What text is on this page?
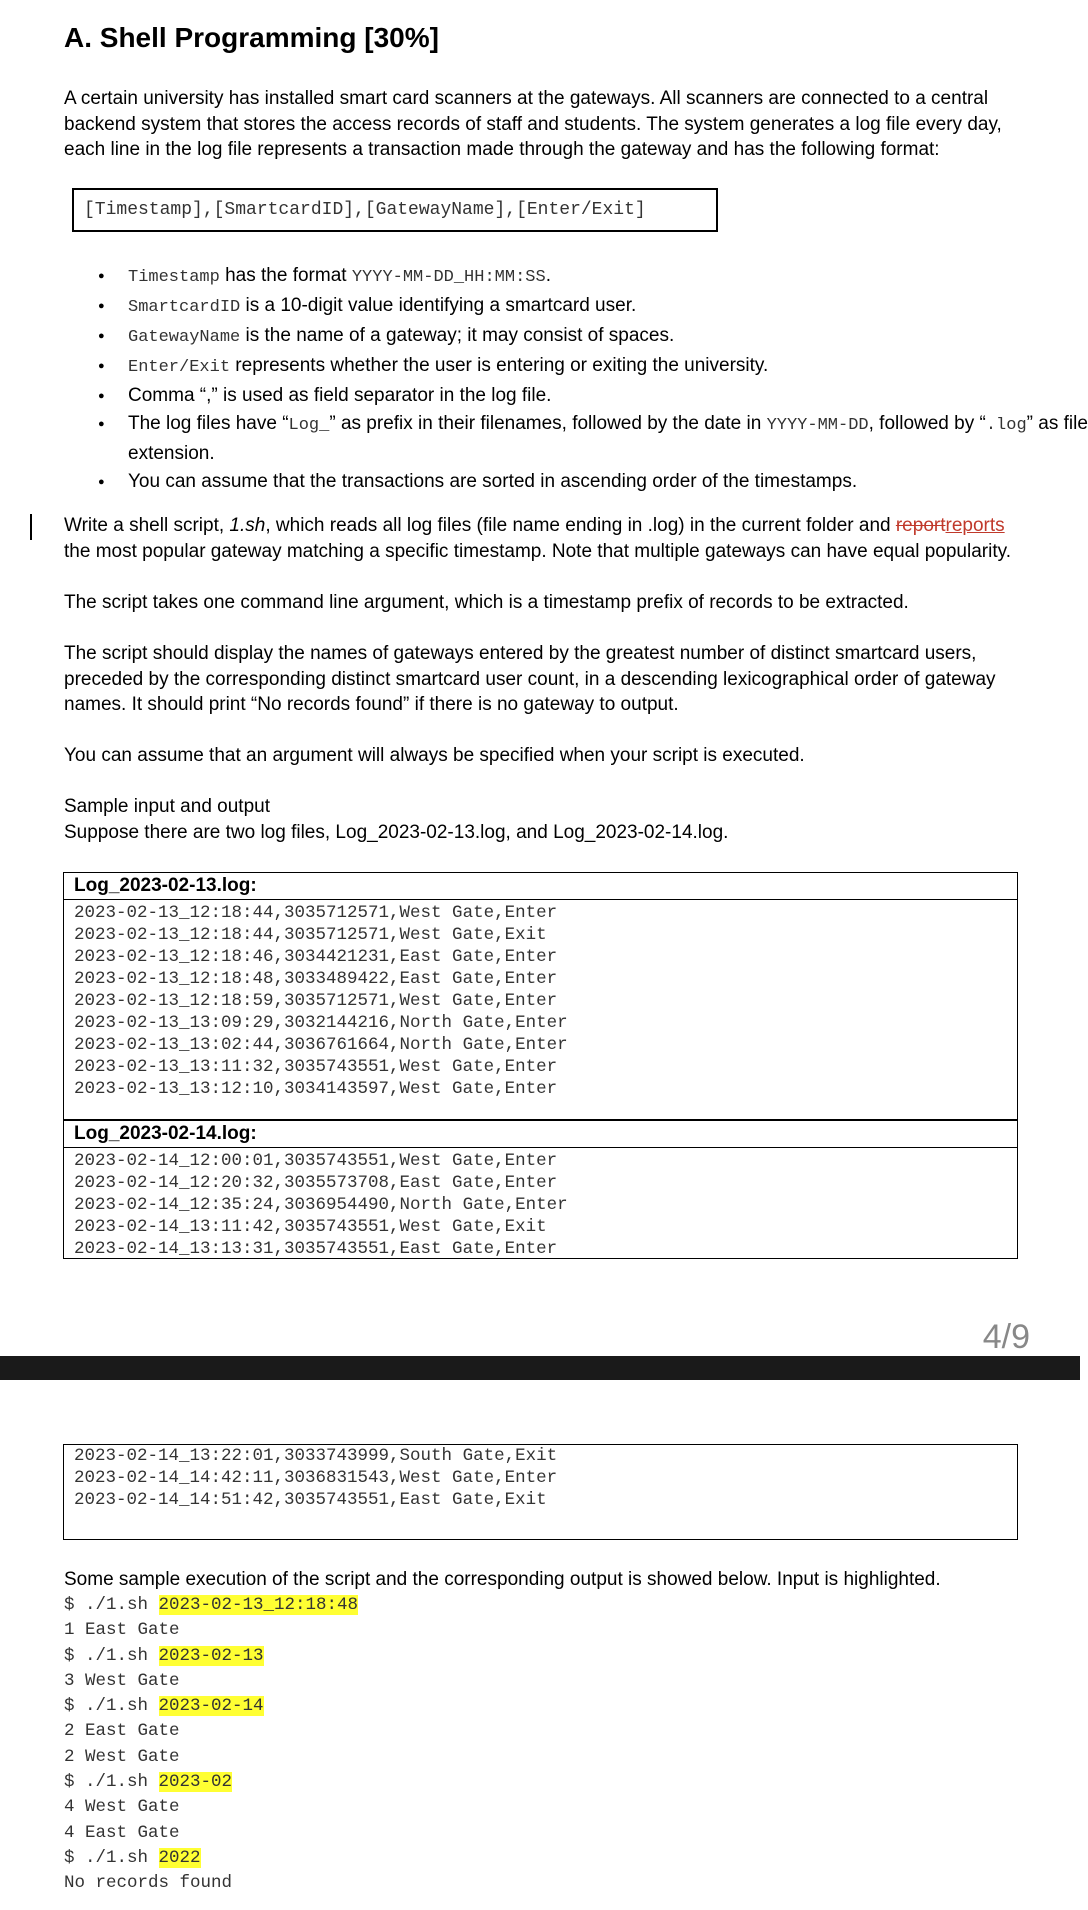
A. Shell Programming [30%]

A certain university has installed smart card scanners at the gateways. All scanners are connected to a central backend system that stores the access records of staff and students. The system generates a log file every day, each line in the log file represents a transaction made through the gateway and has the following format:

[Timestamp],[SmartcardID],[GatewayName],[Enter/Exit]
● Timestamp has the format YYYY-MM-DD_HH:MM:SS.
● SmartcardID is a 10-digit value identifying a smartcard user.
● GatewayName is the name of a gateway; it may consist of spaces.
● Enter/Exit represents whether the user is entering or exiting the university.
● Comma “,” is used as field separator in the log file.
● The log files have “Log_” as prefix in their filenames, followed by the date in YYYY-MM-DD, followed by “.log” as file extension.
● You can assume that the transactions are sorted in ascending order of the timestamps.

Write a shell script, 1.sh, which reads all log files (file name ending in .log) in the current folder and reportreports the most popular gateway matching a specific timestamp. Note that multiple gateways can have equal popularity.

The script takes one command line argument, which is a timestamp prefix of records to be extracted.

The script should display the names of gateways entered by the greatest number of distinct smartcard users, preceded by the corresponding distinct smartcard user count, in a descending lexicographical order of gateway names. It should print “No records found” if there is no gateway to output.

You can assume that an argument will always be specified when your script is executed.

Sample input and output
Suppose there are two log files, Log_2023-02-13.log, and Log_2023-02-14.log.

Log_2023-02-13.log:
2023-02-13_12:18:44,3035712571,West Gate,Enter
2023-02-13_12:18:44,3035712571,West Gate,Exit
2023-02-13_12:18:46,3034421231,East Gate,Enter
2023-02-13_12:18:48,3033489422,East Gate,Enter
2023-02-13_12:18:59,3035712571,West Gate,Enter
2023-02-13_13:09:29,3032144216,North Gate,Enter
2023-02-13_13:02:44,3036761664,North Gate,Enter
2023-02-13_13:11:32,3035743551,West Gate,Enter
2023-02-13_13:12:10,3034143597,West Gate,Enter
Log_2023-02-14.log:
2023-02-14_12:00:01,3035743551,West Gate,Enter
2023-02-14_12:20:32,3035573708,East Gate,Enter
2023-02-14_12:35:24,3036954490,North Gate,Enter
2023-02-14_13:11:42,3035743551,West Gate,Exit
2023-02-14_13:13:31,3035743551,East Gate,Enter
4/9
2023-02-14_13:22:01,3033743999,South Gate,Exit
2023-02-14_14:42:11,3036831543,West Gate,Enter
2023-02-14_14:51:42,3035743551,East Gate,Exit

Some sample execution of the script and the corresponding output is showed below. Input is highlighted.

$ ./1.sh 2023-02-13_12:18:48
1 East Gate
$ ./1.sh 2023-02-13
3 West Gate
$ ./1.sh 2023-02-14
2 East Gate
2 West Gate
$ ./1.sh 2023-02
4 West Gate
4 East Gate
$ ./1.sh 2022
No records found
